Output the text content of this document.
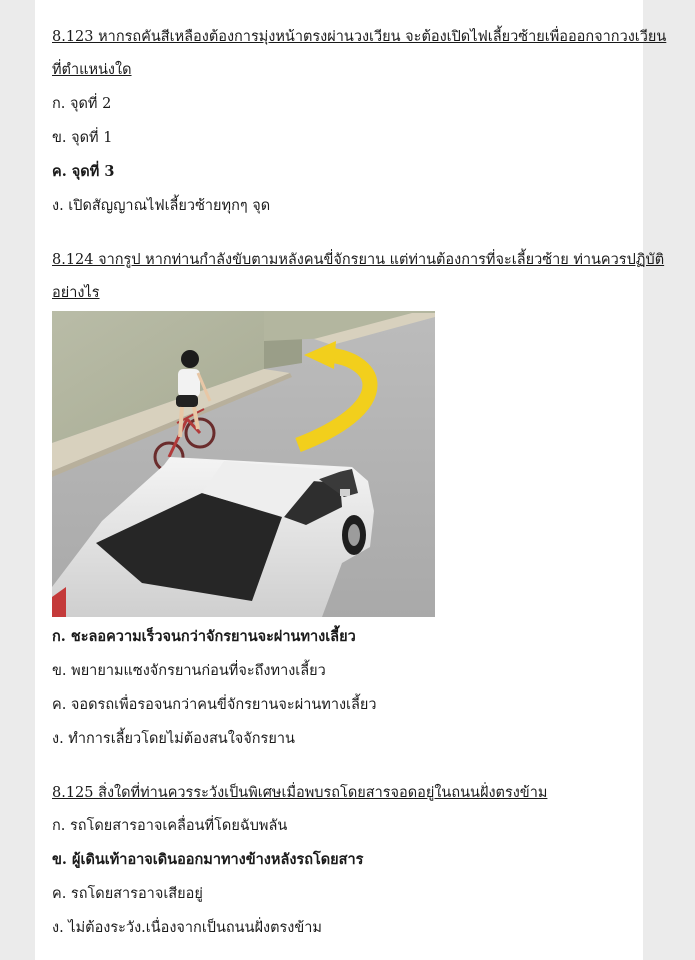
8.123 หากรถคันสีเหลืองต้องการมุ่งหน้าตรงผ่านวงเวียน จะต้องเปิดไฟเลี้ยวซ้ายเพื่อออกจากวงเวียน
ที่ตำแหน่งใด
ก. จุดที่ 2
ข. จุดที่ 1
ค. จุดที่ 3
ง. เปิดสัญญาณไฟเลี้ยวซ้ายทุกๆ จุด
8.124 จากรูป หากท่านกำลังขับตามหลังคนขี่จักรยาน แต่ท่านต้องการที่จะเลี้ยวซ้าย ท่านควรปฏิบัติ
อย่างไร
ก. ชะลอความเร็วจนกว่าจักรยานจะผ่านทางเลี้ยว
ข. พยายามแซงจักรยานก่อนที่จะถึงทางเลี้ยว
ค. จอดรถเพื่อรอจนกว่าคนขี่จักรยานจะผ่านทางเลี้ยว
ง. ทำการเลี้ยวโดยไม่ต้องสนใจจักรยาน
8.125 สิ่งใดที่ท่านควรระวังเป็นพิเศษเมื่อพบรถโดยสารจอดอยู่ในถนนฝั่งตรงข้าม
ก. รถโดยสารอาจเคลื่อนที่โดยฉับพลัน
ข. ผู้เดินเท้าอาจเดินออกมาทางข้างหลังรถโดยสาร
ค. รถโดยสารอาจเสียอยู่
ง. ไม่ต้องระวัง.เนื่องจากเป็นถนนฝั่งตรงข้าม
